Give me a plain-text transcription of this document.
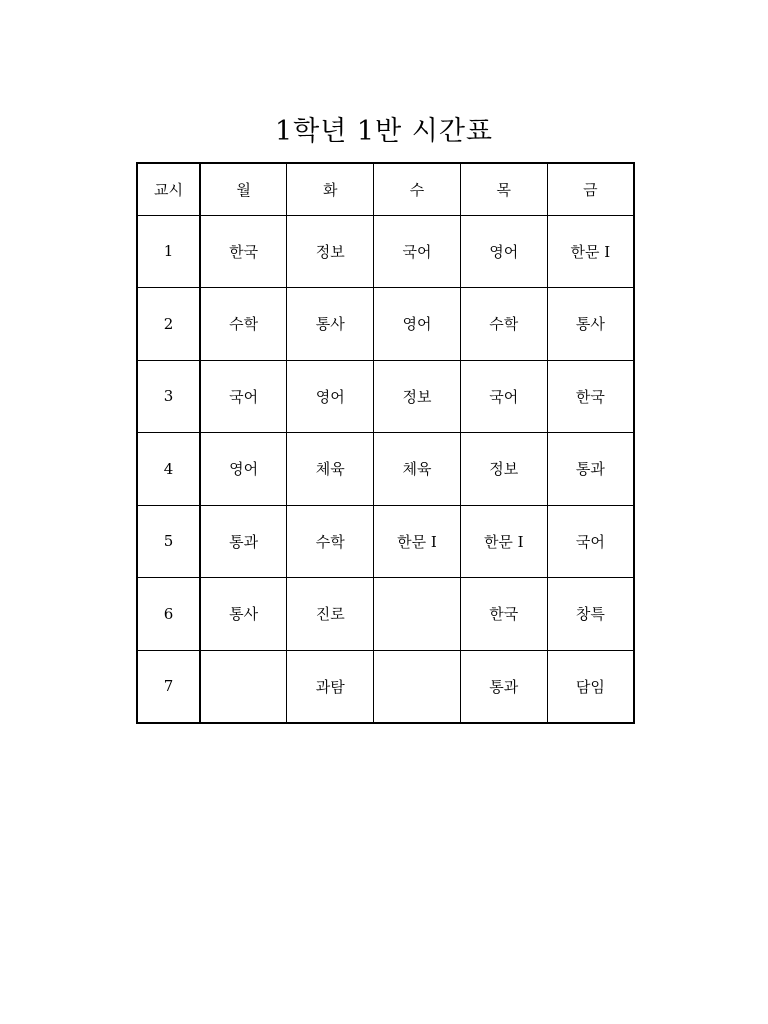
1학년 1반 시간표
교시	월	화	수	목	금
1	한국	정보	국어	영어	한문 I
2	수학	통사	영어	수학	통사
3	국어	영어	정보	국어	한국
4	영어	체육	체육	정보	통과
5	통과	수학	한문 I	한문 I	국어
6	통사	진로		한국	창특
7		과탐		통과	담임
